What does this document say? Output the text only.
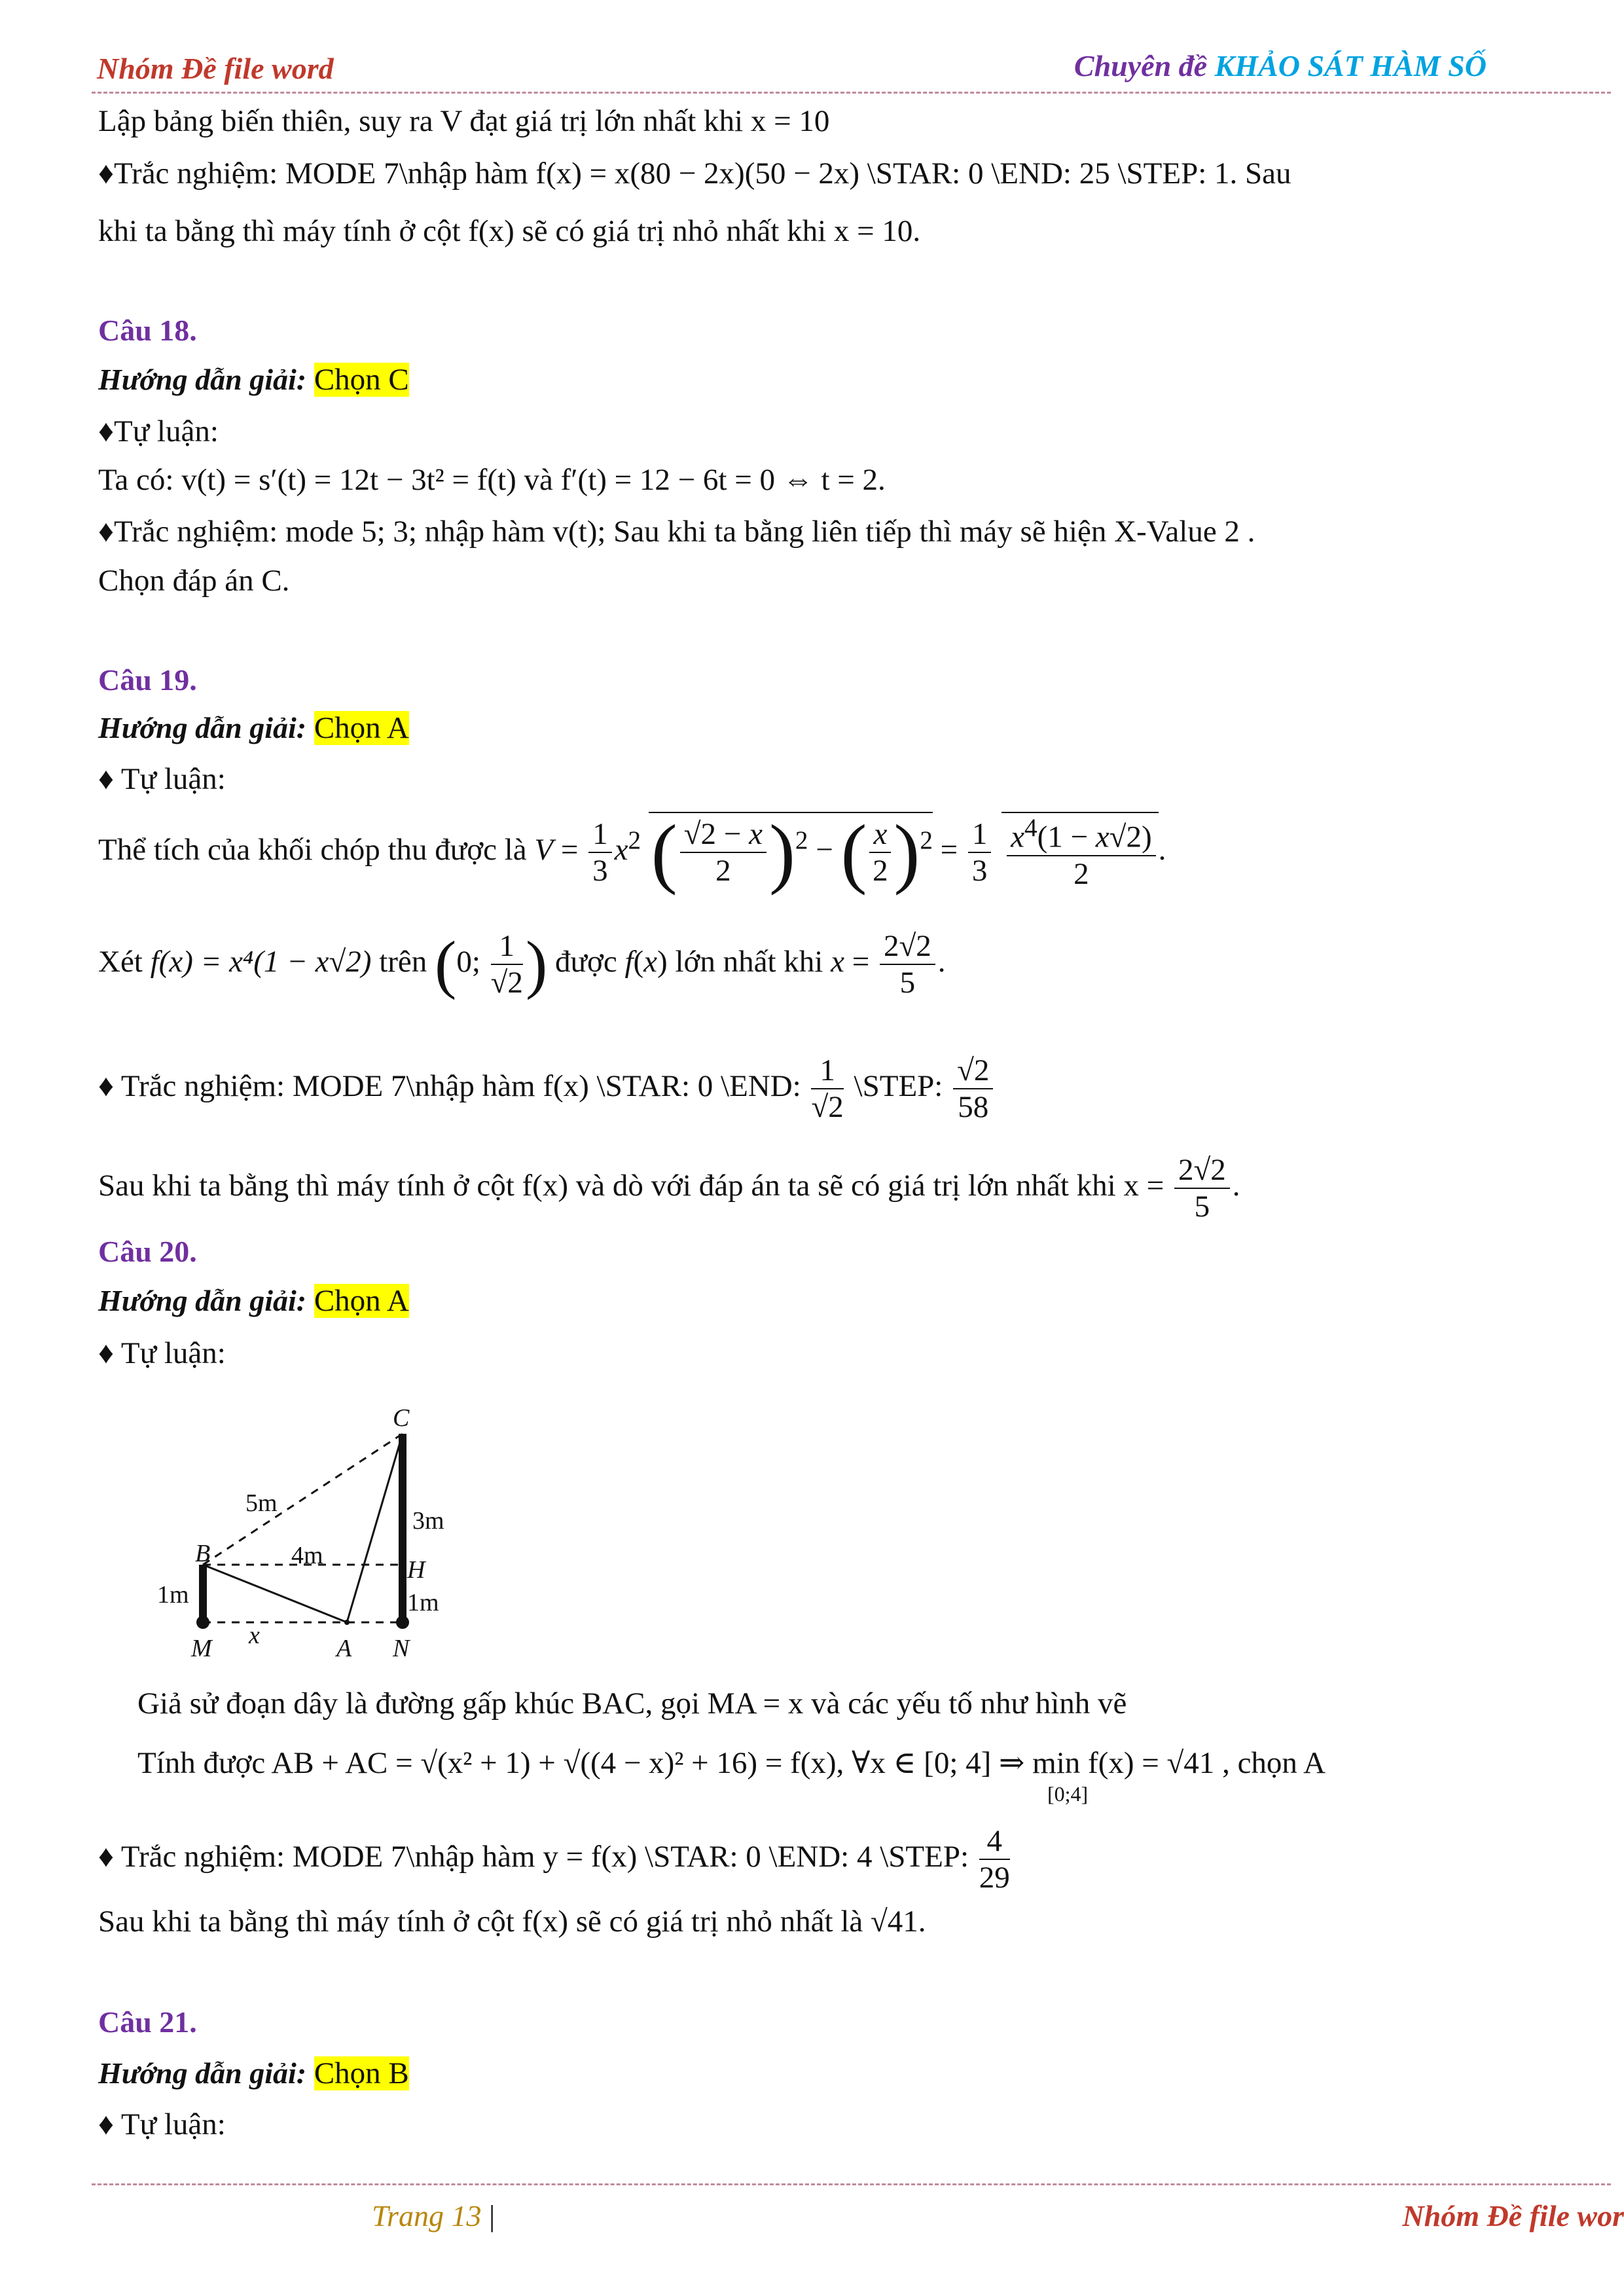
Nhóm Đề file word	Chuyên đề KHẢO SÁT HÀM SỐ
Lập bảng biến thiên, suy ra V đạt giá trị lớn nhất khi x = 10
♦Trắc nghiệm: MODE 7\nhập hàm f(x) = x(80 − 2x)(50 − 2x) \STAR: 0 \END: 25 \STEP: 1. Sau
khi ta bằng thì máy tính ở cột f(x) sẽ có giá trị nhỏ nhất khi x = 10.
Câu 18.
Hướng dẫn giải: Chọn C
♦Tự luận:
Ta có: v(t) = s′(t) = 12t − 3t² = f(t) và f′(t) = 12 − 6t = 0 ⇔ t = 2.
♦Trắc nghiệm: mode 5; 3; nhập hàm v(t); Sau khi ta bằng liên tiếp thì máy sẽ hiện X-Value 2 .
Chọn đáp án C.
Câu 19.
Hướng dẫn giải: Chọn A
♦ Tự luận:
Thể tích của khối chóp thu được là $V = \frac{1}{3} x^2$ ( $\frac{√2 - x}{2} )^2$ − ( $\frac{x}{2} )^2 = \frac{1}{3}$
$\frac{x^4(1 - x√2)}{2}$ .
Xét f(x) = x⁴(1 − x√2) trên (0; $\frac{1}{√2}$ ) được f(x) lớn nhất khi $x = \frac{2√2}{5}$ .
♦ Trắc nghiệm: MODE 7\nhập hàm f(x) \STAR: 0 \END: $\frac{1}{√2}$ \STEP: $\frac{√2}{58}$
Sau khi ta bằng thì máy tính ở cột f(x) và dò với đáp án ta sẽ có giá trị lớn nhất khi $x = \frac{2√2}{5}$ .
Câu 20.
Hướng dẫn giải: Chọn A
♦ Tự luận:
C
B
H
M	A N
5m
3m
4m
1m	1m
x
Giả sử đoạn dây là đường gấp khúc BAC, gọi MA = x và các yếu tố như hình vẽ
Tính được AB + AC = √(x² + 1) + √((4 − x)² + 16) = f(x), ∀x ∈ [0; 4] ⇒ min f(x) = √41 , chọn A
[0;4]
♦ Trắc nghiệm: MODE 7\nhập hàm y = f(x) \STAR: 0 \END: 4 \STEP: $\frac{4}{29}$
Sau khi ta bằng thì máy tính ở cột f(x) sẽ có giá trị nhỏ nhất là √41.
Câu 21.
Hướng dẫn giải: Chọn B
♦ Tự luận:
Trang 13 |	Nhóm Đề file wor
